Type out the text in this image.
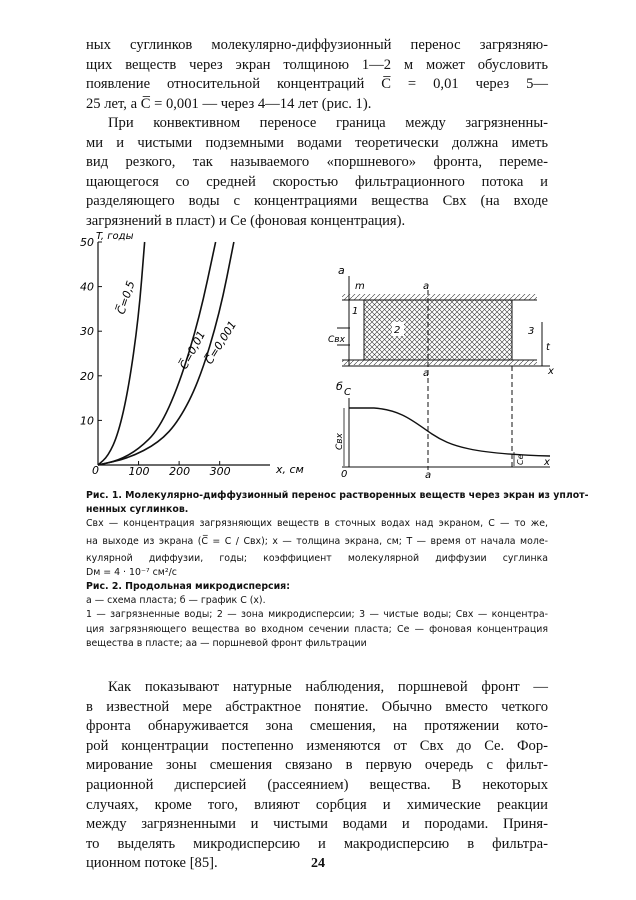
ных суглинков молекулярно-диффузионный перенос загрязняю-
щих веществ через экран толщиною 1—2 м может обусловить
появление относительной концентраций C̅ = 0,01 через 5—
25 лет, а C̅ = 0,001 — через 4—14 лет (рис. 1).
При конвективном переносе граница между загрязненны-
ми и чистыми подземными водами теоретически должна иметь
вид резкого, так называемого «поршневого» фронта, переме-
щающегося со средней скоростью фильтрационного потока и
разделяющего воды с концентрациями вещества Cвх (на входе
загрязнений в пласт) и Cе (фоновая концентрация).
T, годы
50
40
30
20
10
100 200 300
0	x, см
C̅=0,5
C̅=0,01
C̅=0,001
а
m	а
2
1
3
Cвх
t
x
а
б C
0	а
x
Cвх
Cе
Рис. 1. Молекулярно-диффузионный перенос растворенных веществ через экран из уплот-
ненных суглинков.
Cвх — концентрация загрязняющих веществ в сточных водах над экраном, C — то же,
на выходе из экрана (C̅ = C / Cвх); x — толщина экрана, см; T — время от начала моле-
кулярной диффузии, годы; коэффициент молекулярной диффузии суглинка
Dм = 4 · 10⁻⁷ см²/с
Рис. 2. Продольная микродисперсия:
а — схема пласта; б — график C (x).
1 — загрязненные воды; 2 — зона микродисперсии; 3 — чистые воды; Cвх — концентра-
ция загрязняющего вещества во входном сечении пласта; Cе — фоновая концентрация
вещества в пласте; аа — поршневой фронт фильтрации
Как показывают натурные наблюдения, поршневой фронт —
в известной мере абстрактное понятие. Обычно вместо четкого
фронта обнаруживается зона смешения, на протяжении кото-
рой концентрации постепенно изменяются от Cвх до Cе. Фор-
мирование зоны смешения связано в первую очередь с фильт-
рационной дисперсией (рассеянием) вещества. В некоторых
случаях, кроме того, влияют сорбция и химические реакции
между загрязненными и чистыми водами и породами. Приня-
то выделять микродисперсию и макродисперсию в фильтра-
ционном потоке [85].	24
